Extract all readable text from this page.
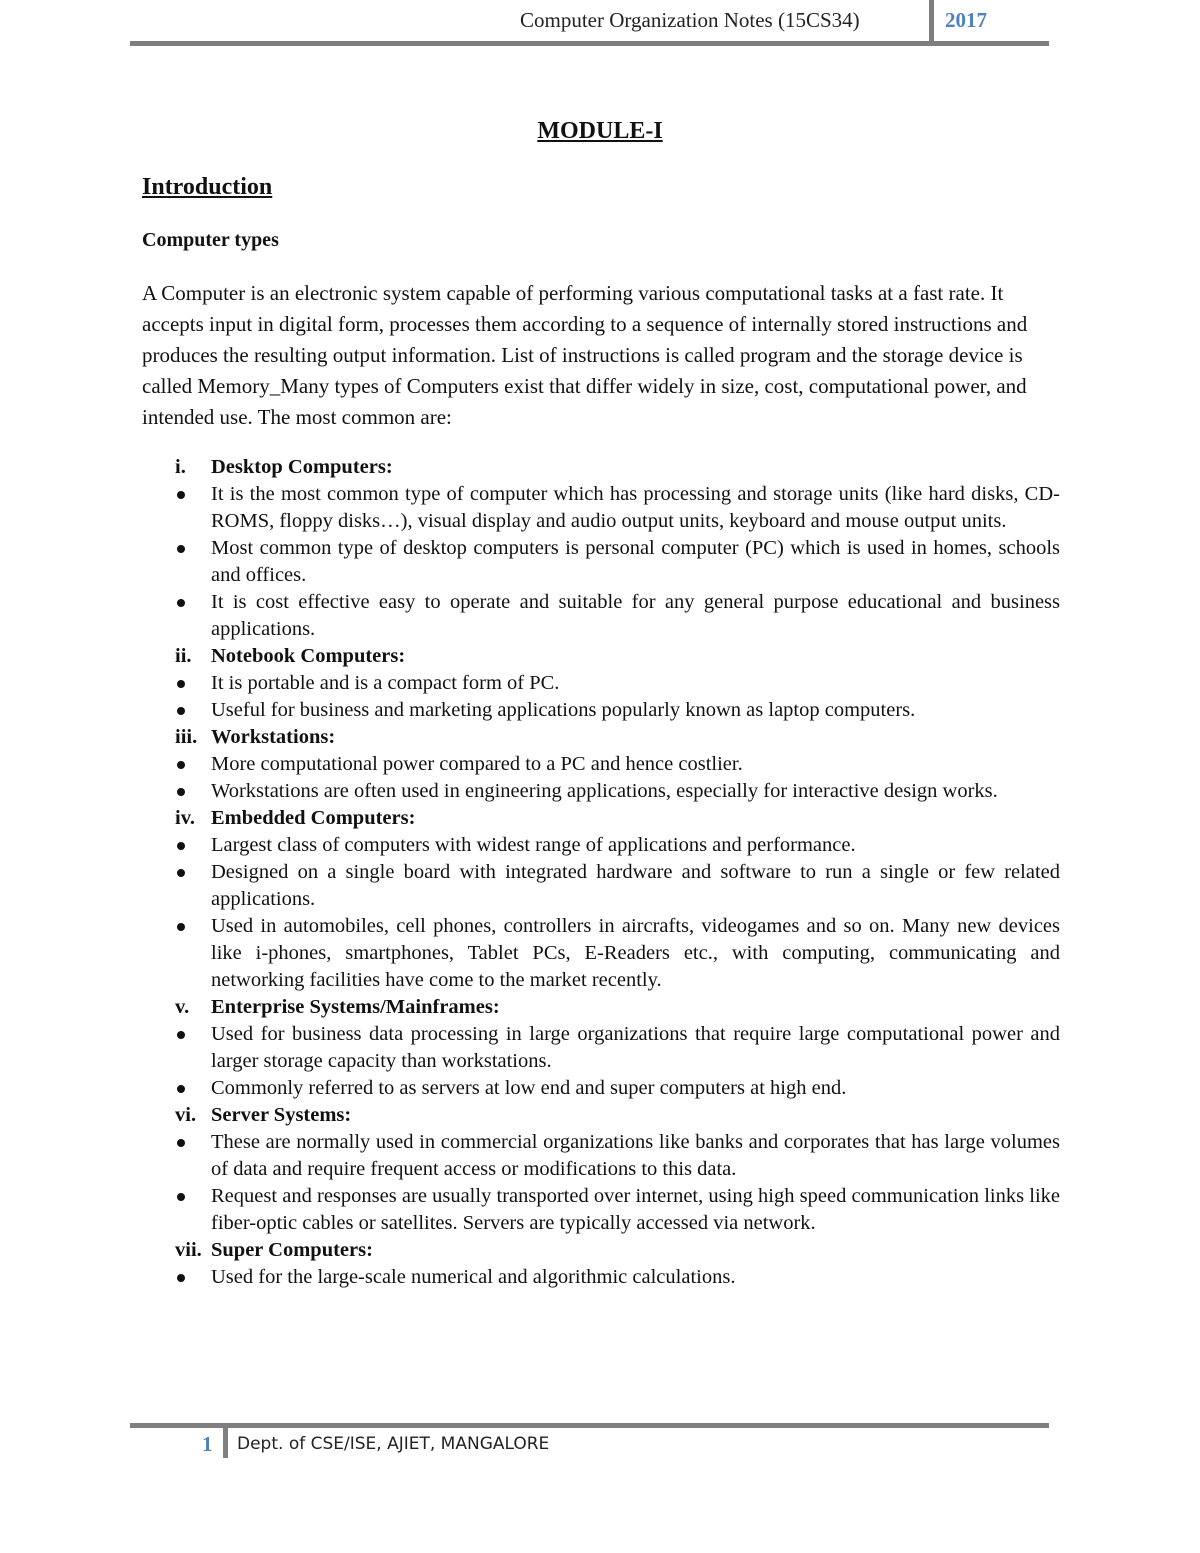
Computer Organization Notes (15CS34)	2017
MODULE-I
Introduction
Computer types
A Computer is an electronic system capable of performing various computational tasks at a fast rate. It accepts input in digital form, processes them according to a sequence of internally stored instructions and produces the resulting output information. List of instructions is called program and the storage device is called Memory_Many types of Computers exist that differ widely in size, cost, computational power, and intended use. The most common are:
i.	Desktop Computers:
It is the most common type of computer which has processing and storage units (like hard disks, CD-ROMS, floppy disks…), visual display and audio output units, keyboard and mouse output units.
Most common type of desktop computers is personal computer (PC) which is used in homes, schools and offices.
It is cost effective easy to operate and suitable for any general purpose educational and business applications.
ii. Notebook Computers:
It is portable and is a compact form of PC.
Useful for business and marketing applications popularly known as laptop computers.
iii. Workstations:
More computational power compared to a PC and hence costlier.
Workstations are often used in engineering applications, especially for interactive design works.
iv. Embedded Computers:
Largest class of computers with widest range of applications and performance.
Designed on a single board with integrated hardware and software to run a single or few related applications.
Used in automobiles, cell phones, controllers in aircrafts, videogames and so on. Many new devices like i-phones, smartphones, Tablet PCs, E-Readers etc., with computing, communicating and networking facilities have come to the market recently.
v.	Enterprise Systems/Mainframes:
Used for business data processing in large organizations that require large computational power and larger storage capacity than workstations.
Commonly referred to as servers at low end and super computers at high end.
vi. Server Systems:
These are normally used in commercial organizations like banks and corporates that has large volumes of data and require frequent access or modifications to this data.
Request and responses are usually transported over internet, using high speed communication links like fiber-optic cables or satellites. Servers are typically accessed via network.
vii. Super Computers:
Used for the large-scale numerical and algorithmic calculations.
1 Dept. of CSE/ISE, AJIET, MANGALORE
